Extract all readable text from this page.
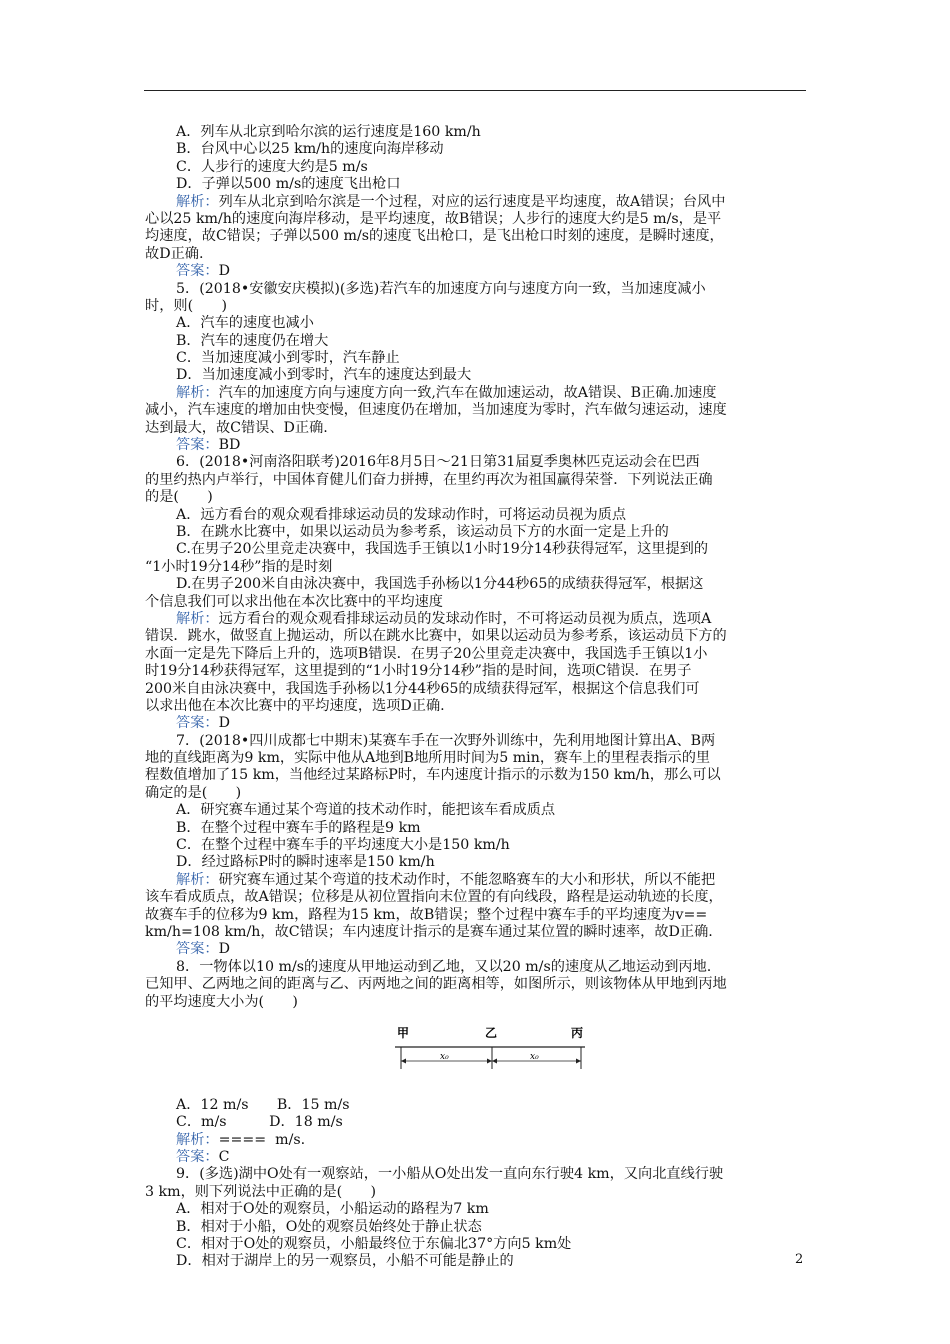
A．列车从北京到哈尔滨的运行速度是160 km/h
B．台风中心以25 km/h的速度向海岸移动
C．人步行的速度大约是5 m/s
D．子弹以500 m/s的速度飞出枪口
解析：列车从北京到哈尔滨是一个过程，对应的运行速度是平均速度，故A错误；台风中
心以25 km/h的速度向海岸移动，是平均速度，故B错误；人步行的速度大约是5 m/s，是平
均速度，故C错误；子弹以500 m/s的速度飞出枪口，是飞出枪口时刻的速度，是瞬时速度，
故D正确.
答案：D
5．(2018•安徽安庆模拟)(多选)若汽车的加速度方向与速度方向一致，当加速度减小
时，则(　　)
A．汽车的速度也减小
B．汽车的速度仍在增大
C．当加速度减小到零时，汽车静止
D．当加速度减小到零时，汽车的速度达到最大
解析：汽车的加速度方向与速度方向一致,汽车在做加速运动，故A错误、B正确.加速度
减小，汽车速度的增加由快变慢，但速度仍在增加，当加速度为零时，汽车做匀速运动，速度
达到最大，故C错误、D正确.
答案：BD
6．(2018•河南洛阳联考)2016年8月5日～21日第31届夏季奥林匹克运动会在巴西
的里约热内卢举行，中国体育健儿们奋力拼搏，在里约再次为祖国赢得荣誉．下列说法正确
的是(　　)
A．远方看台的观众观看排球运动员的发球动作时，可将运动员视为质点
B．在跳水比赛中，如果以运动员为参考系，该运动员下方的水面一定是上升的
C.在男子20公里竞走决赛中，我国选手王镇以1小时19分14秒获得冠军，这里提到的
“1小时19分14秒”指的是时刻
D.在男子200米自由泳决赛中，我国选手孙杨以1分44秒65的成绩获得冠军，根据这
个信息我们可以求出他在本次比赛中的平均速度
解析：远方看台的观众观看排球运动员的发球动作时，不可将运动员视为质点，选项A
错误．跳水，做竖直上抛运动，所以在跳水比赛中，如果以运动员为参考系，该运动员下方的
水面一定是先下降后上升的，选项B错误．在男子20公里竞走决赛中，我国选手王镇以1小
时19分14秒获得冠军，这里提到的“1小时19分14秒”指的是时间，选项C错误．在男子
200米自由泳决赛中，我国选手孙杨以1分44秒65的成绩获得冠军，根据这个信息我们可
以求出他在本次比赛中的平均速度，选项D正确.
答案：D
7．(2018•四川成都七中期末)某赛车手在一次野外训练中，先利用地图计算出A、B两
地的直线距离为9 km，实际中他从A地到B地所用时间为5 min，赛车上的里程表指示的里
程数值增加了15 km，当他经过某路标P时，车内速度计指示的示数为150 km/h，那么可以
确定的是(　　)
A．研究赛车通过某个弯道的技术动作时，能把该车看成质点
B．在整个过程中赛车手的路程是9 km
C．在整个过程中赛车手的平均速度大小是150 km/h
D．经过路标P时的瞬时速率是150 km/h
解析：研究赛车通过某个弯道的技术动作时，不能忽略赛车的大小和形状，所以不能把
该车看成质点，故A错误；位移是从初位置指向末位置的有向线段，路程是运动轨迹的长度，
故赛车手的位移为9 km，路程为15 km，故B错误；整个过程中赛车手的平均速度为v==
km/h=108 km/h，故C错误；车内速度计指示的是赛车通过某位置的瞬时速率，故D正确.
答案：D
8．一物体以10 m/s的速度从甲地运动到乙地，又以20 m/s的速度从乙地运动到丙地.
已知甲、乙两地之间的距离与乙、丙两地之间的距离相等，如图所示，则该物体从甲地到丙地
的平均速度大小为(　　)
甲	乙	丙
x₀	x₀
A．12 m/s　　B．15 m/s
C．m/s　　　D．18 m/s
解析：====  m/s.
答案：C
9．(多选)湖中O处有一观察站，一小船从O处出发一直向东行驶4 km，又向北直线行驶
3 km，则下列说法中正确的是(　　)
A．相对于O处的观察员，小船运动的路程为7 km
B．相对于小船，O处的观察员始终处于静止状态
C．相对于O处的观察员，小船最终位于东偏北37°方向5 km处
D．相对于湖岸上的另一观察员，小船不可能是静止的	2
